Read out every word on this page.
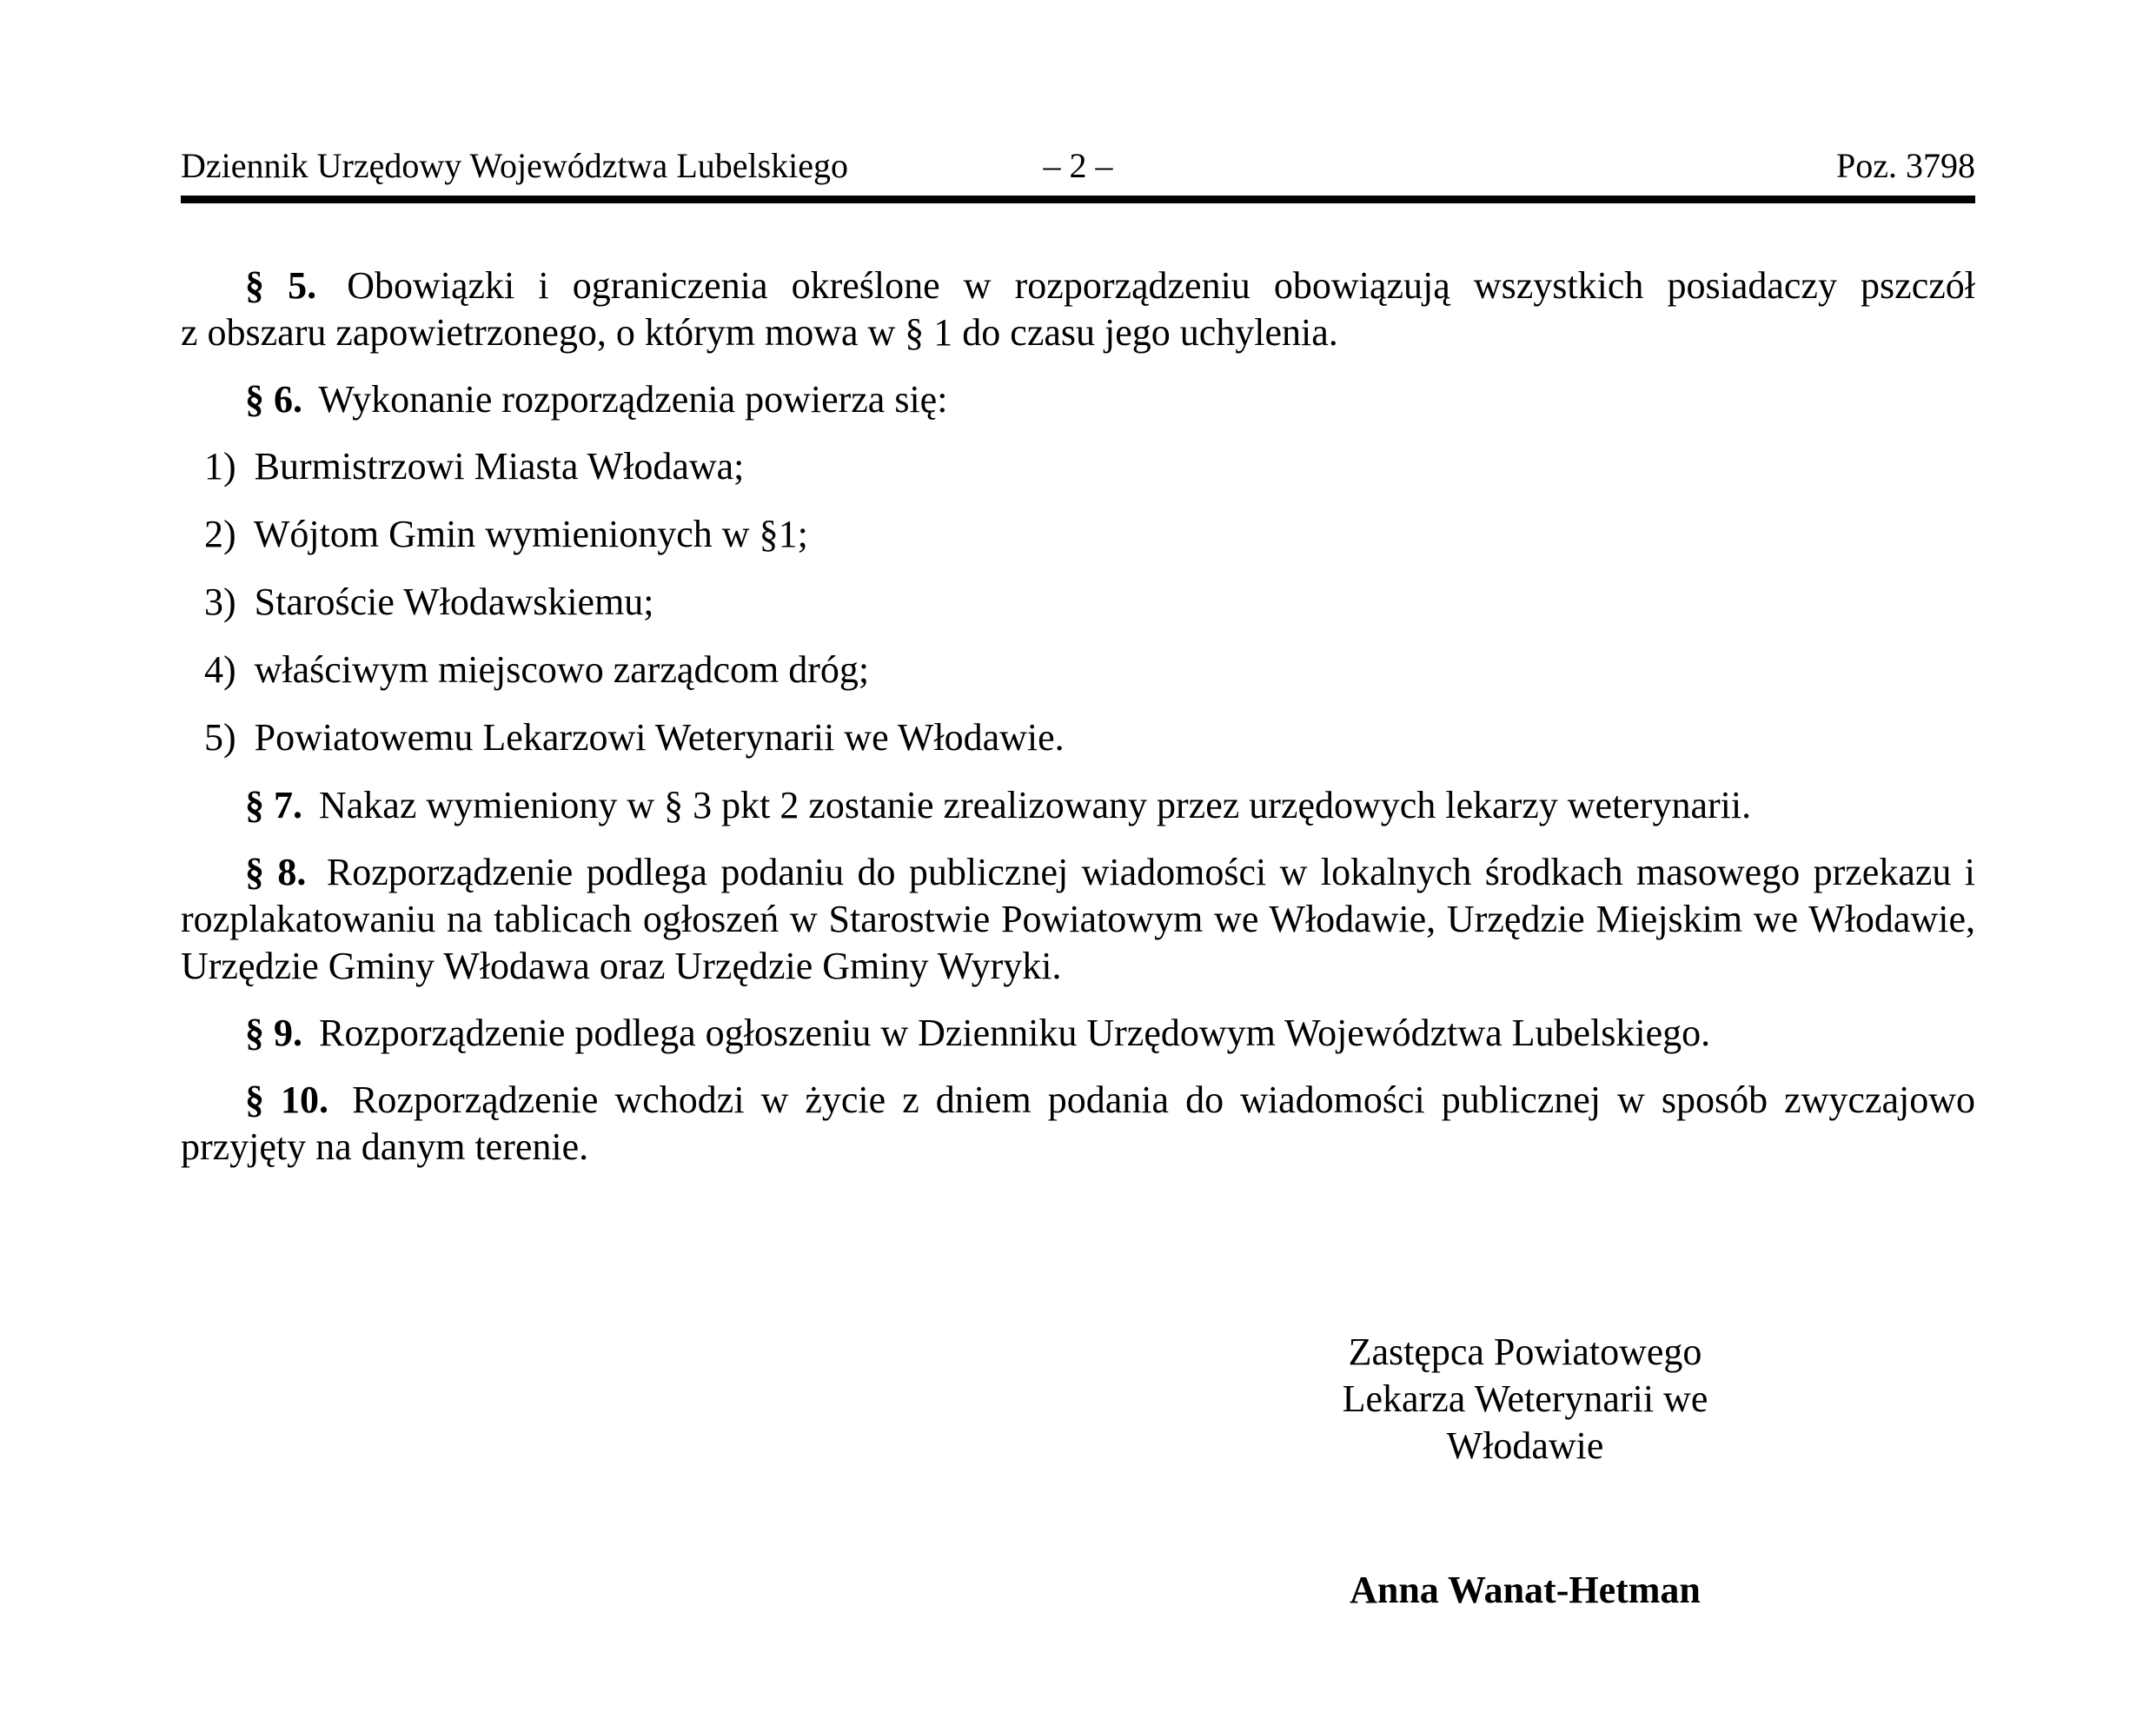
Dziennik Urzędowy Województwa Lubelskiego	– 2 –	Poz. 3798

§ 5. Obowiązki i ograniczenia określone w rozporządzeniu obowiązują wszystkich posiadaczy pszczół z obszaru zapowietrzonego, o którym mowa w § 1 do czasu jego uchylenia.

§ 6. Wykonanie rozporządzenia powierza się:

1) Burmistrzowi Miasta Włodawa;
2) Wójtom Gmin wymienionych w §1;
3) Staroście Włodawskiemu;
4) właściwym miejscowo zarządcom dróg;
5) Powiatowemu Lekarzowi Weterynarii we Włodawie.

§ 7. Nakaz wymieniony w § 3 pkt 2 zostanie zrealizowany przez urzędowych lekarzy weterynarii.

§ 8. Rozporządzenie podlega podaniu do publicznej wiadomości w lokalnych środkach masowego przekazu i rozplakatowaniu na tablicach ogłoszeń w Starostwie Powiatowym we Włodawie, Urzędzie Miejskim we Włodawie, Urzędzie Gminy Włodawa oraz Urzędzie Gminy Wyryki.

§ 9. Rozporządzenie podlega ogłoszeniu w Dzienniku Urzędowym Województwa Lubelskiego.

§ 10. Rozporządzenie wchodzi w życie z dniem podania do wiadomości publicznej w sposób zwyczajowo przyjęty na danym terenie.

Zastępca Powiatowego
Lekarza Weterynarii we
Włodawie
Anna Wanat-Hetman
